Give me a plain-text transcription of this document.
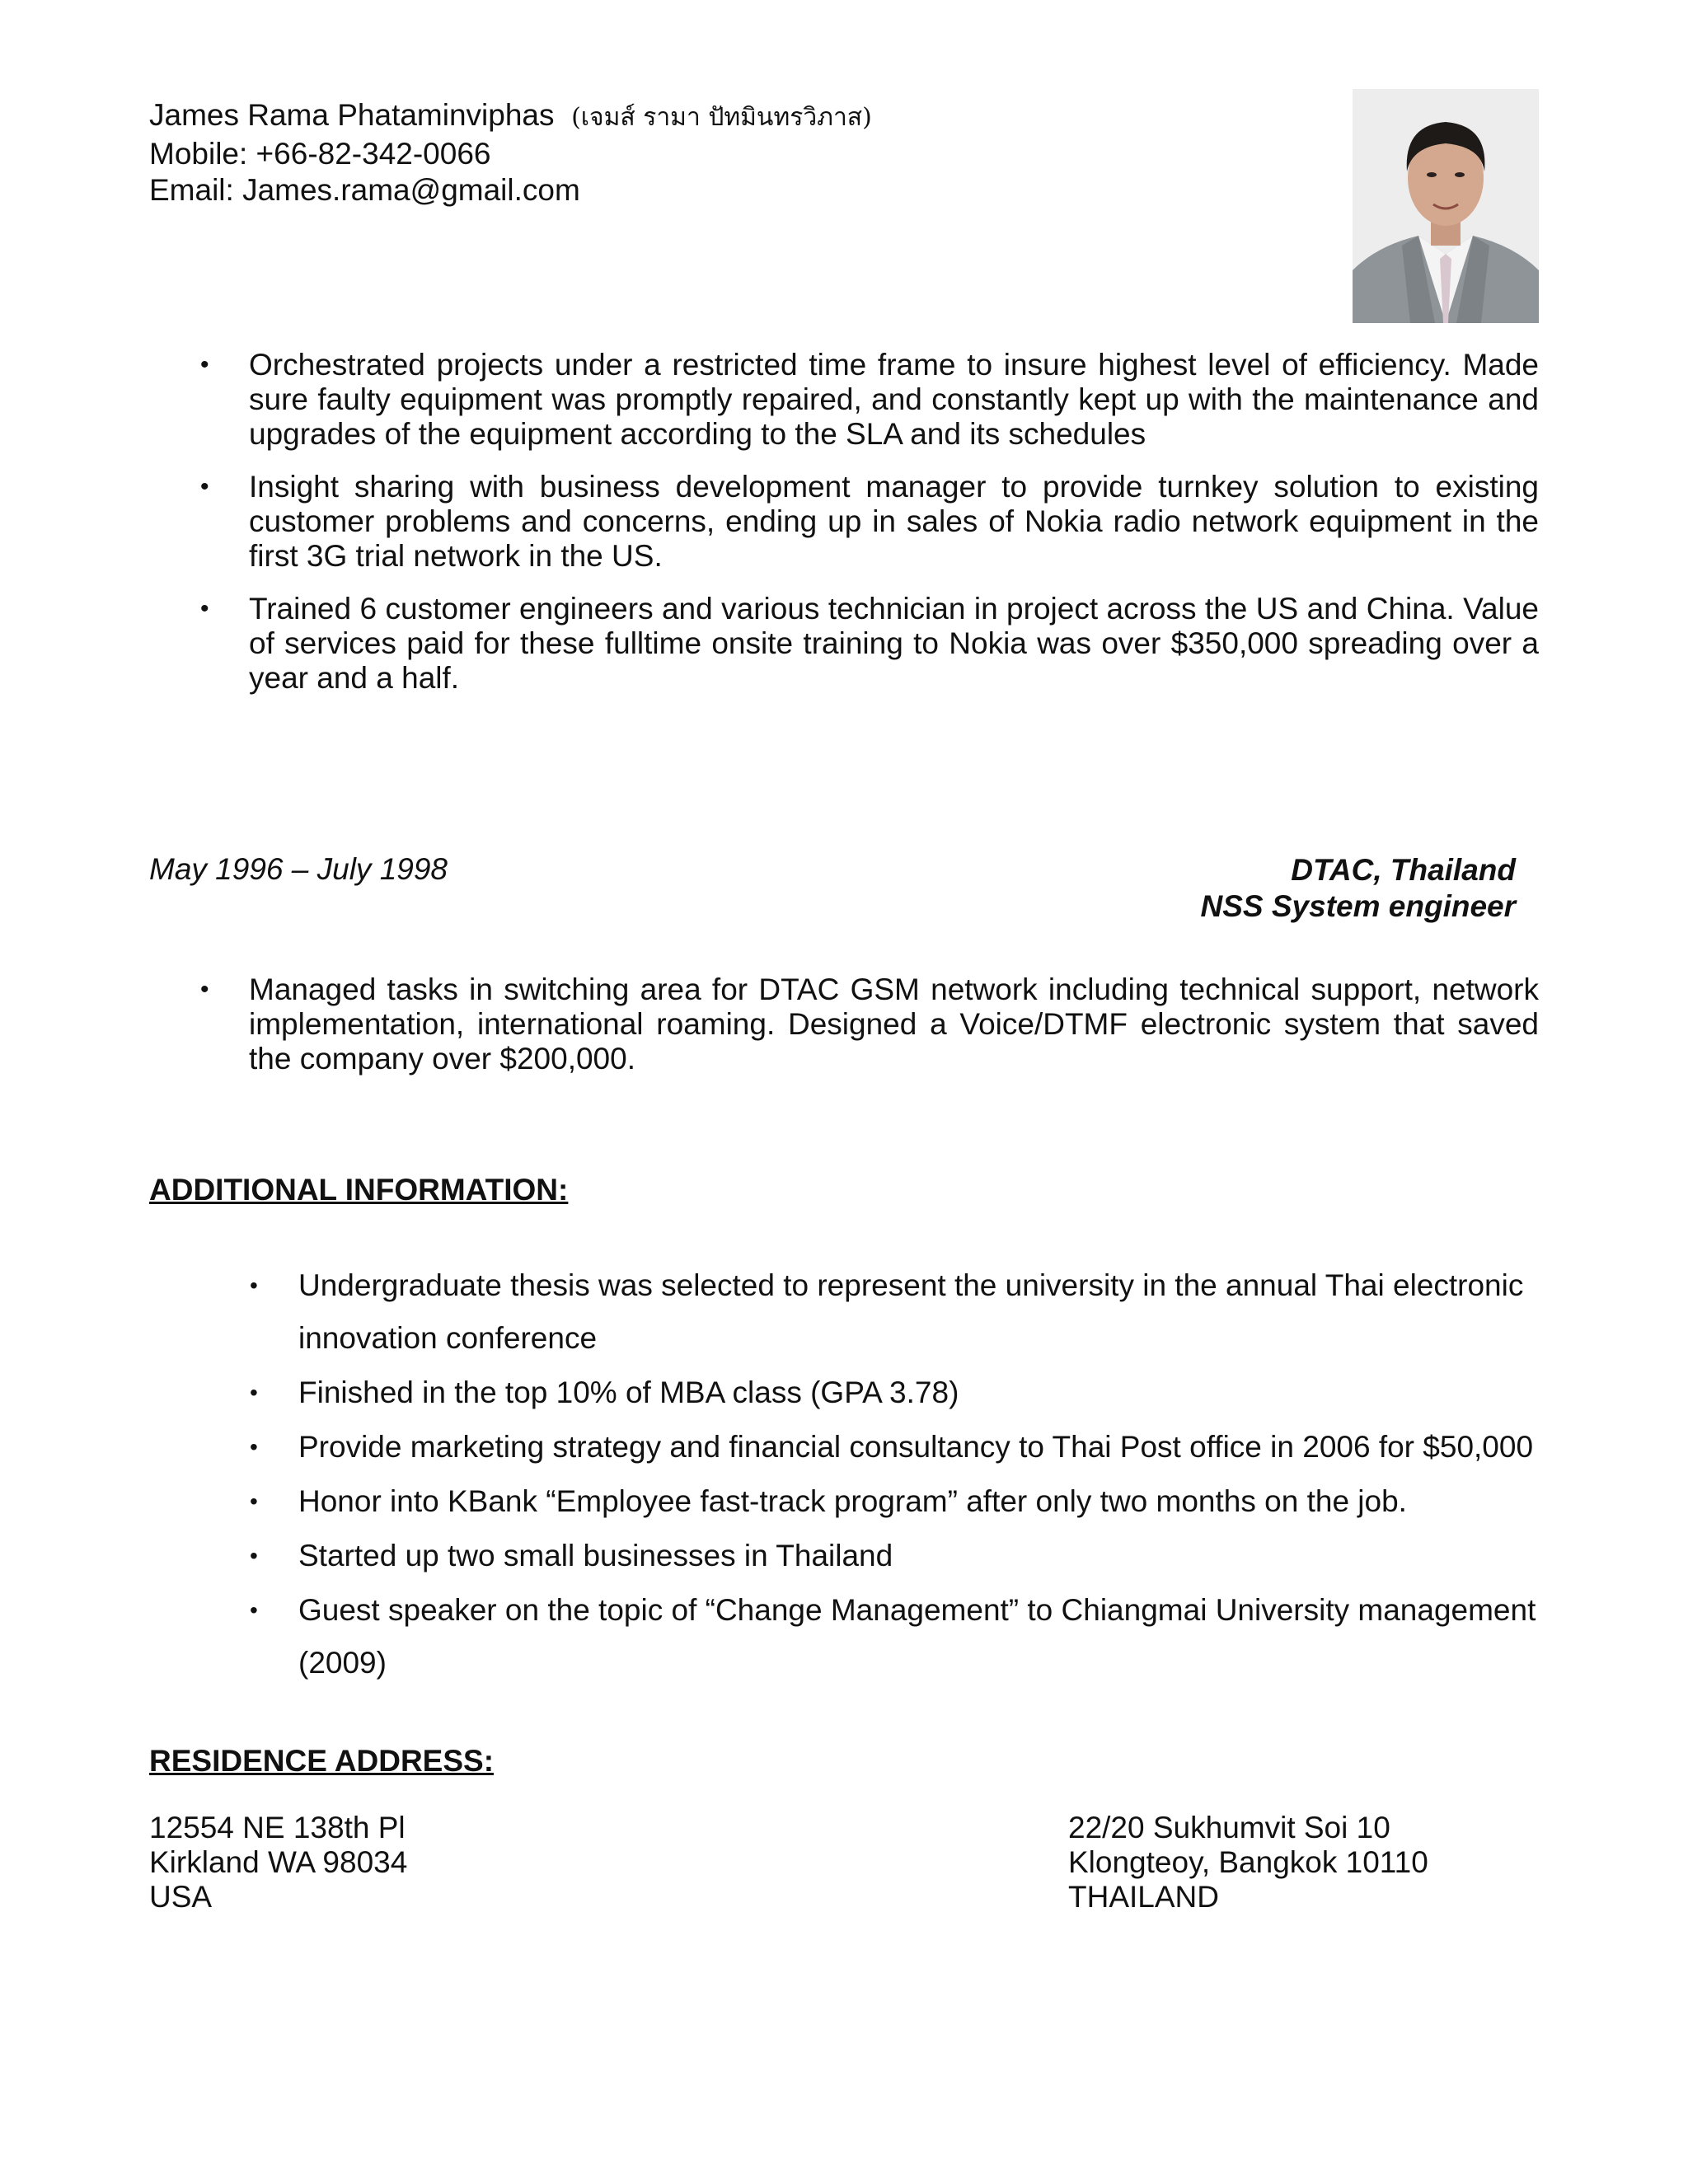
James Rama Phataminviphas (เจมส์ รามา ปัทมินทรวิภาส)
Mobile: +66-82-342-0066
Email: James.rama@gmail.com
• Orchestrated projects under a restricted time frame to insure highest level of efficiency. Made sure faulty equipment was promptly repaired, and constantly kept up with the maintenance and upgrades of the equipment according to the SLA and its schedules
• Insight sharing with business development manager to provide turnkey solution to existing customer problems and concerns, ending up in sales of Nokia radio network equipment in the first 3G trial network in the US.
• Trained 6 customer engineers and various technician in project across the US and China. Value of services paid for these fulltime onsite training to Nokia was over $350,000 spreading over a year and a half.
May 1996 – July 1998	DTAC, Thailand
NSS System engineer
• Managed tasks in switching area for DTAC GSM network including technical support, network implementation, international roaming. Designed a Voice/DTMF electronic system that saved the company over $200,000.
ADDITIONAL INFORMATION:
• Undergraduate thesis was selected to represent the university in the annual Thai electronic
innovation conference
• Finished in the top 10% of MBA class (GPA 3.78)
• Provide marketing strategy and financial consultancy to Thai Post office in 2006 for $50,000
• Honor into KBank “Employee fast-track program” after only two months on the job.
• Started up two small businesses in Thailand
• Guest speaker on the topic of “Change Management” to Chiangmai University management
(2009)
RESIDENCE ADDRESS:
12554 NE 138th Pl
Kirkland WA 98034
USA
22/20 Sukhumvit Soi 10
Klongteoy, Bangkok 10110
THAILAND
